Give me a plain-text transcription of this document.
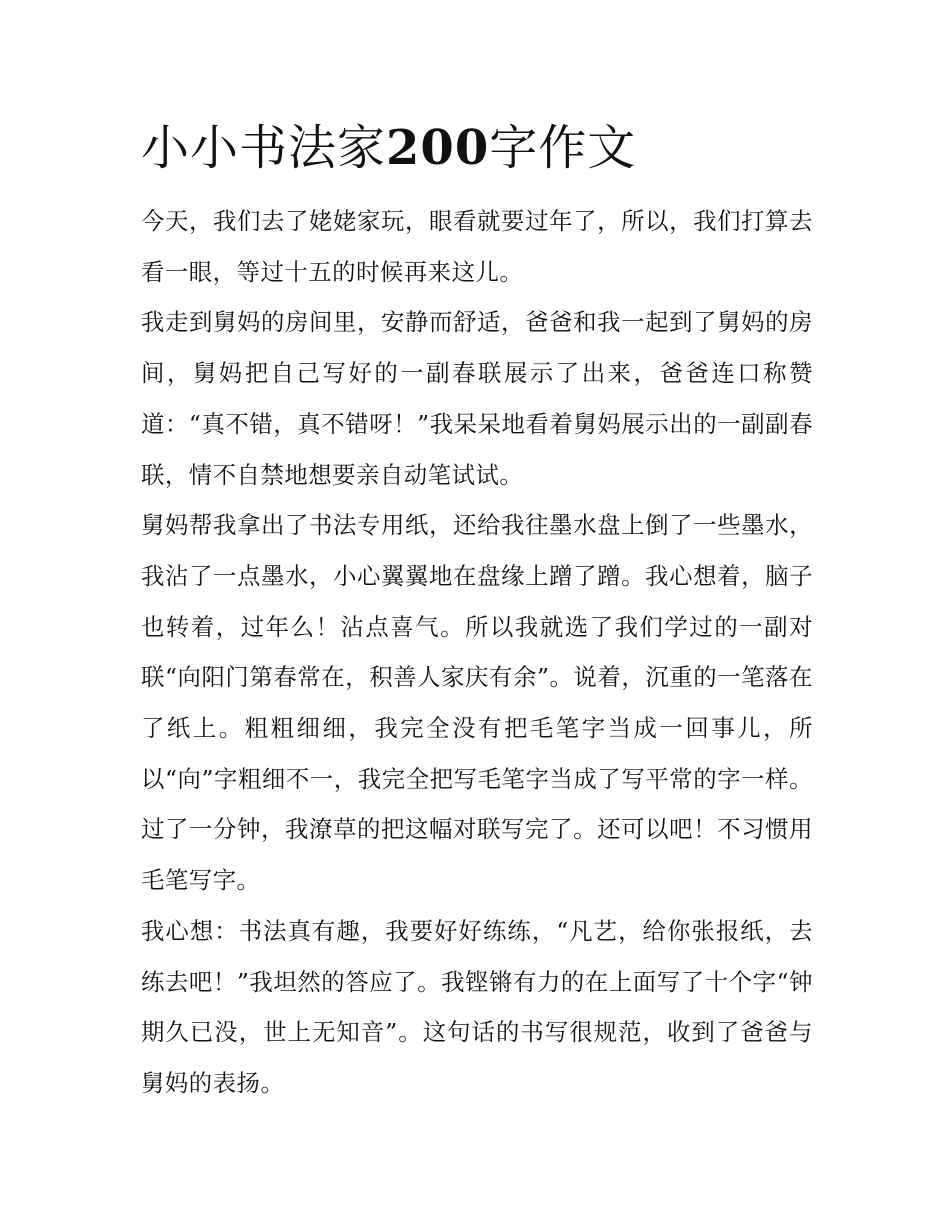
小小书法家200字作文

今天，我们去了姥姥家玩，眼看就要过年了，所以，我们打算去看一眼，等过十五的时候再来这儿。

我走到舅妈的房间里，安静而舒适，爸爸和我一起到了舅妈的房间，舅妈把自己写好的一副春联展示了出来，爸爸连口称赞道：“真不错，真不错呀！”我呆呆地看着舅妈展示出的一副副春联，情不自禁地想要亲自动笔试试。

舅妈帮我拿出了书法专用纸，还给我往墨水盘上倒了一些墨水，我沾了一点墨水，小心翼翼地在盘缘上蹭了蹭。我心想着，脑子也转着，过年么！沾点喜气。所以我就选了我们学过的一副对联“向阳门第春常在，积善人家庆有余”。说着，沉重的一笔落在了纸上。粗粗细细，我完全没有把毛笔字当成一回事儿，所以“向”字粗细不一，我完全把写毛笔字当成了写平常的字一样。过了一分钟，我潦草的把这幅对联写完了。还可以吧！不习惯用毛笔写字。

我心想：书法真有趣，我要好好练练，“凡艺，给你张报纸，去练去吧！”我坦然的答应了。我铿锵有力的在上面写了十个字“钟期久已没，世上无知音”。这句话的书写很规范，收到了爸爸与舅妈的表扬。
